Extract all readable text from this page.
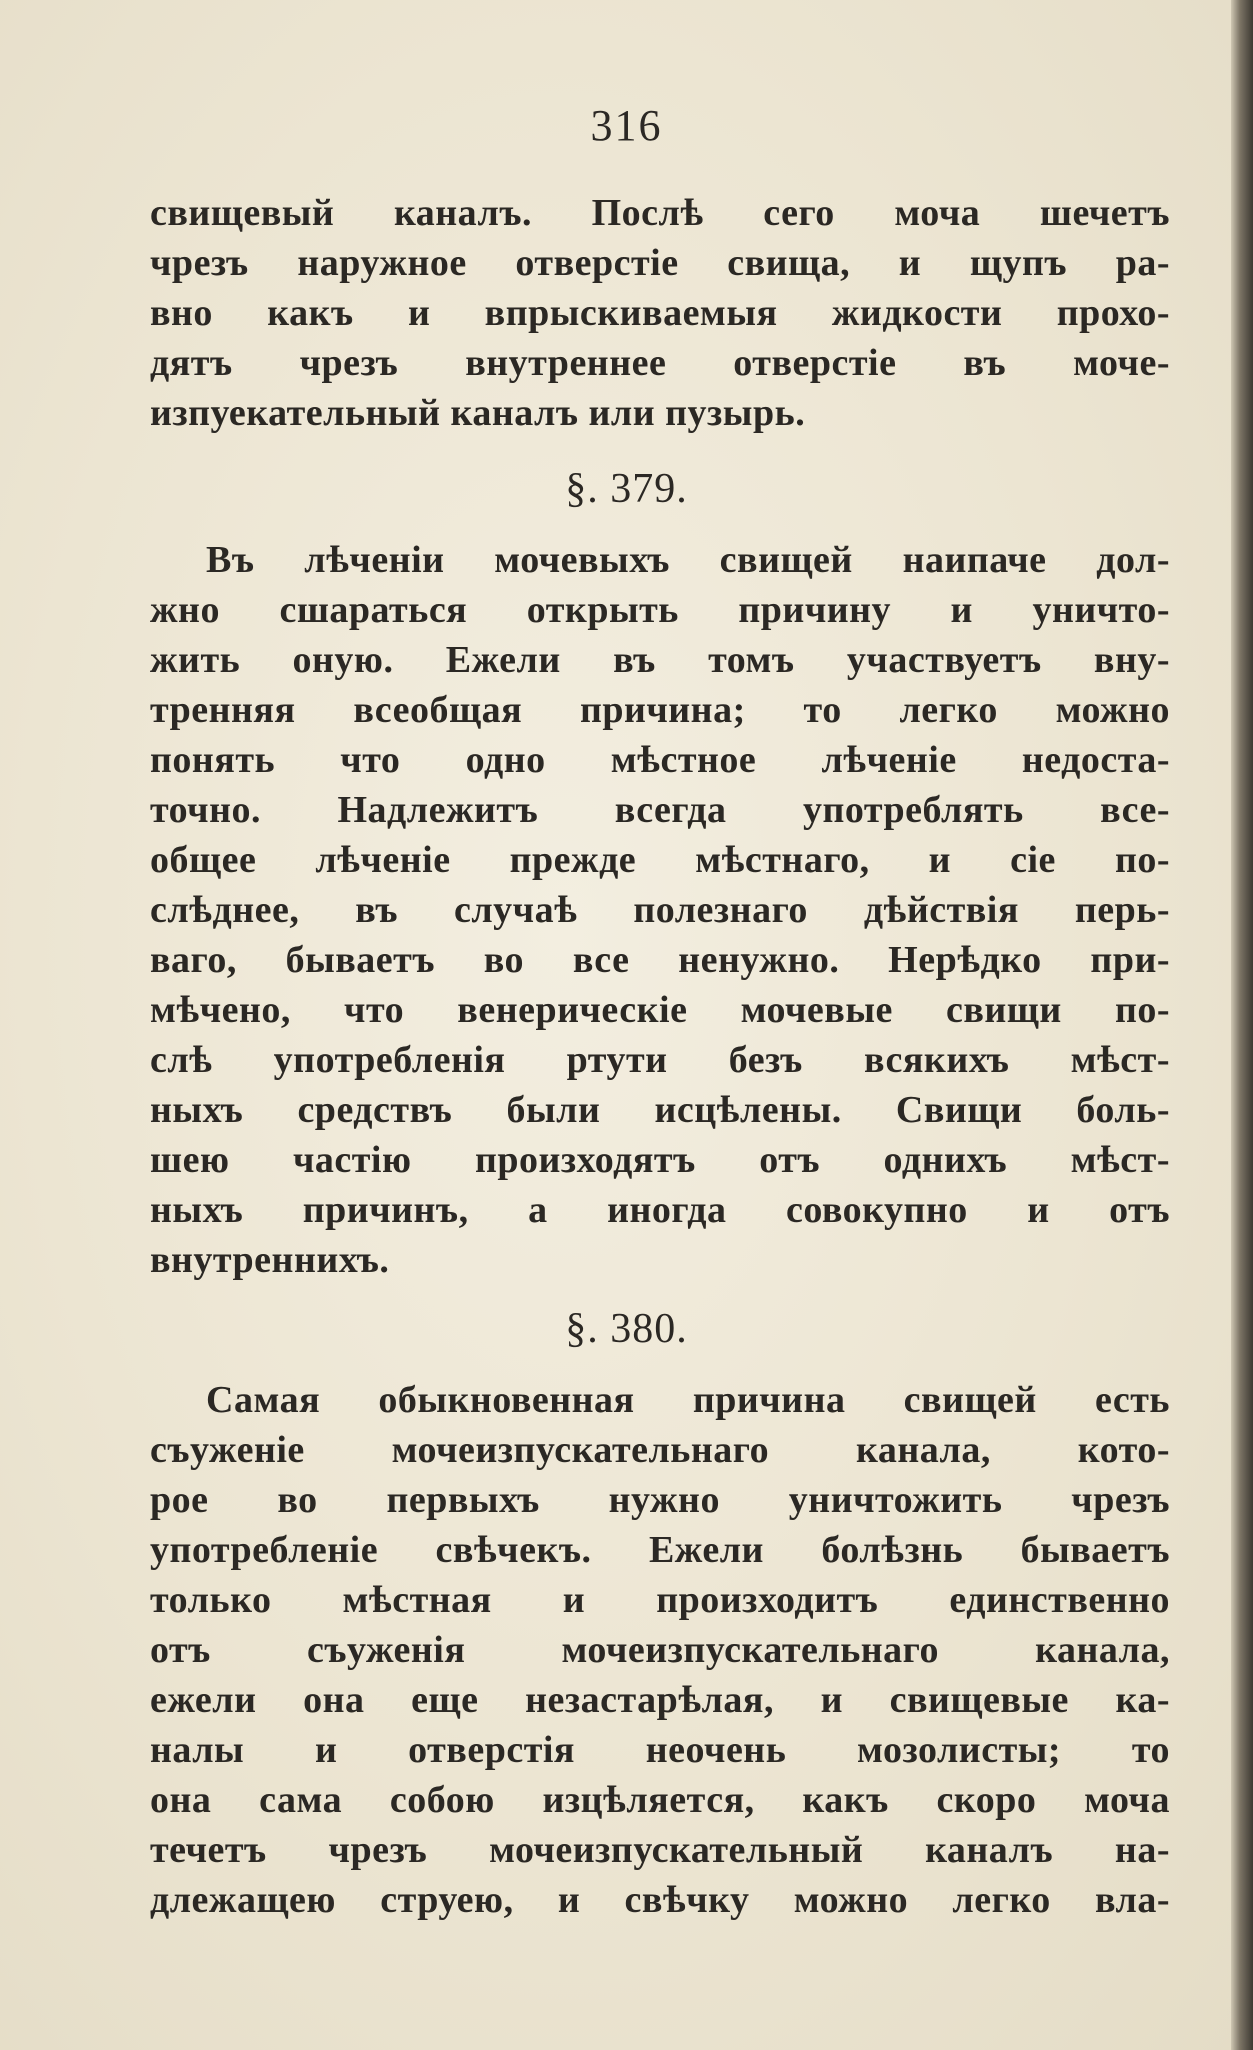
316
свищевый каналъ. Послѣ сего моча шечетъ
чрезъ наружное отверстіе свища, и щупъ ра-
вно какъ и впрыскиваемыя жидкости прохо-
дятъ чрезъ внутреннее отверстіе въ моче-
изпуекательный каналъ или пузырь.
§. 379.
Въ лѣченіи мочевыхъ свищей наипаче дол-
жно сшараться открыть причину и уничто-
жить оную. Ежели въ томъ участвуетъ вну-
тренняя всеобщая причина; то легко можно
понять что одно мѣстное лѣченіе недоста-
точно. Надлежитъ всегда употреблять все-
общее лѣченіе прежде мѣстнаго, и сіе по-
слѣднее, въ случаѣ полезнаго дѣйствія перь-
ваго, бываетъ во все ненужно. Нерѣдко при-
мѣчено, что венерическіе мочевые свищи по-
слѣ употребленія ртути безъ всякихъ мѣст-
ныхъ средствъ были исцѣлены. Свищи боль-
шею частію произходятъ отъ однихъ мѣст-
ныхъ причинъ, а иногда совокупно и отъ
внутреннихъ.
§. 380.
Самая обыкновенная причина свищей есть
съуженіе мочеизпускательнаго канала, кото-
рое во первыхъ нужно уничтожить чрезъ
употребленіе свѣчекъ. Ежели болѣзнь бываетъ
только мѣстная и произходитъ единственно
отъ съуженія мочеизпускательнаго канала,
ежели она еще незастарѣлая, и свищевые ка-
налы и отверстія неочень мозолисты; то
она сама собою изцѣляется, какъ скоро моча
течетъ чрезъ мочеизпускательный каналъ на-
длежащею струею, и свѣчку можно легко вла-
